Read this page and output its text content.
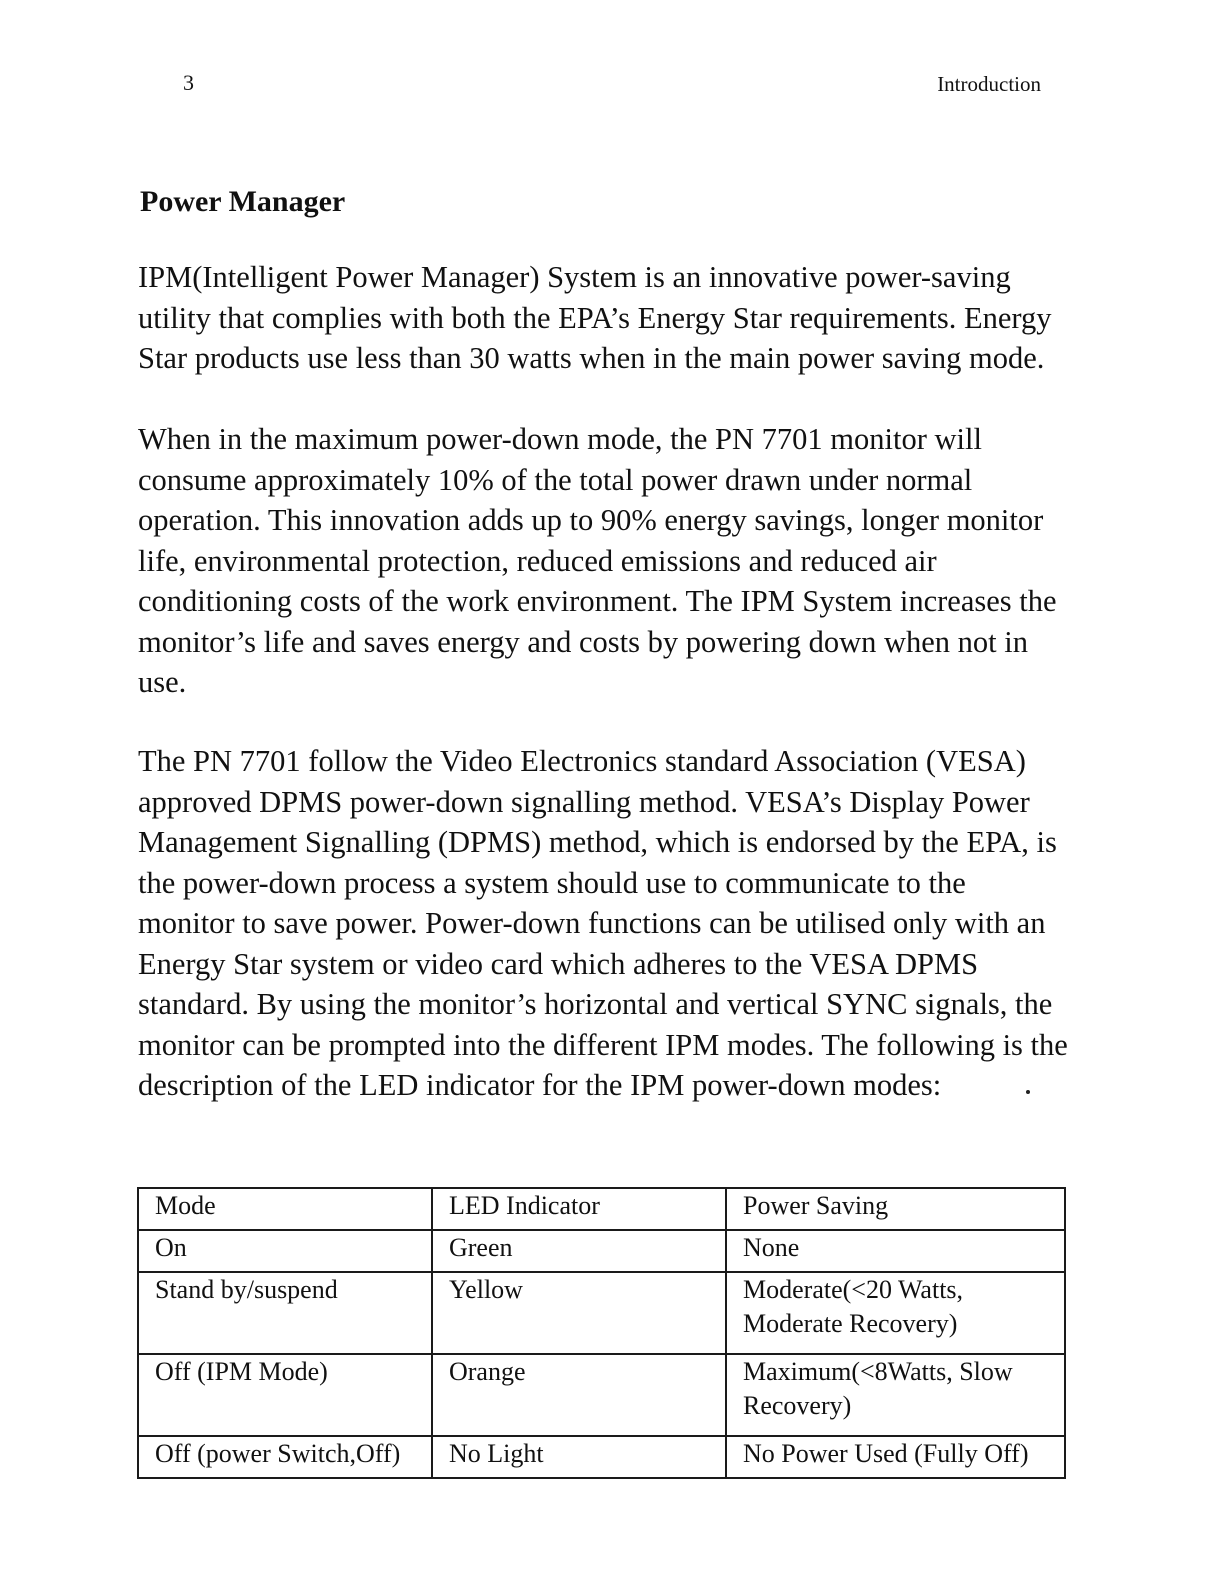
3	Introduction
Power Manager

IPM(Intelligent Power Manager) System is an innovative power-saving utility that complies with both the EPA’s Energy Star requirements. Energy Star products use less than 30 watts when in the main power saving mode.

When in the maximum power-down mode, the PN 7701 monitor will consume approximately 10% of the total power drawn under normal operation. This innovation adds up to 90% energy savings, longer monitor life, environmental protection, reduced emissions and reduced air conditioning costs of the work environment. The IPM System increases the monitor’s life and saves energy and costs by powering down when not in use.

The PN 7701 follow the Video Electronics standard Association (VESA) approved DPMS power-down signalling method. VESA’s Display Power Management Signalling (DPMS) method, which is endorsed by the EPA, is the power-down process a system should use to communicate to the monitor to save power. Power-down functions can be utilised only with an Energy Star system or video card which adheres to the VESA DPMS standard. By using the monitor’s horizontal and vertical SYNC signals, the monitor can be prompted into the different IPM modes. The following is the description of the LED indicator for the IPM power-down modes:

Mode	LED Indicator	Power Saving
On	Green	None
Stand by/suspend	Yellow	Moderate(<20 Watts, Moderate Recovery)
Off (IPM Mode)	Orange	Maximum(<8Watts, Slow Recovery)
Off (power Switch,Off)	No Light	No Power Used (Fully Off)
